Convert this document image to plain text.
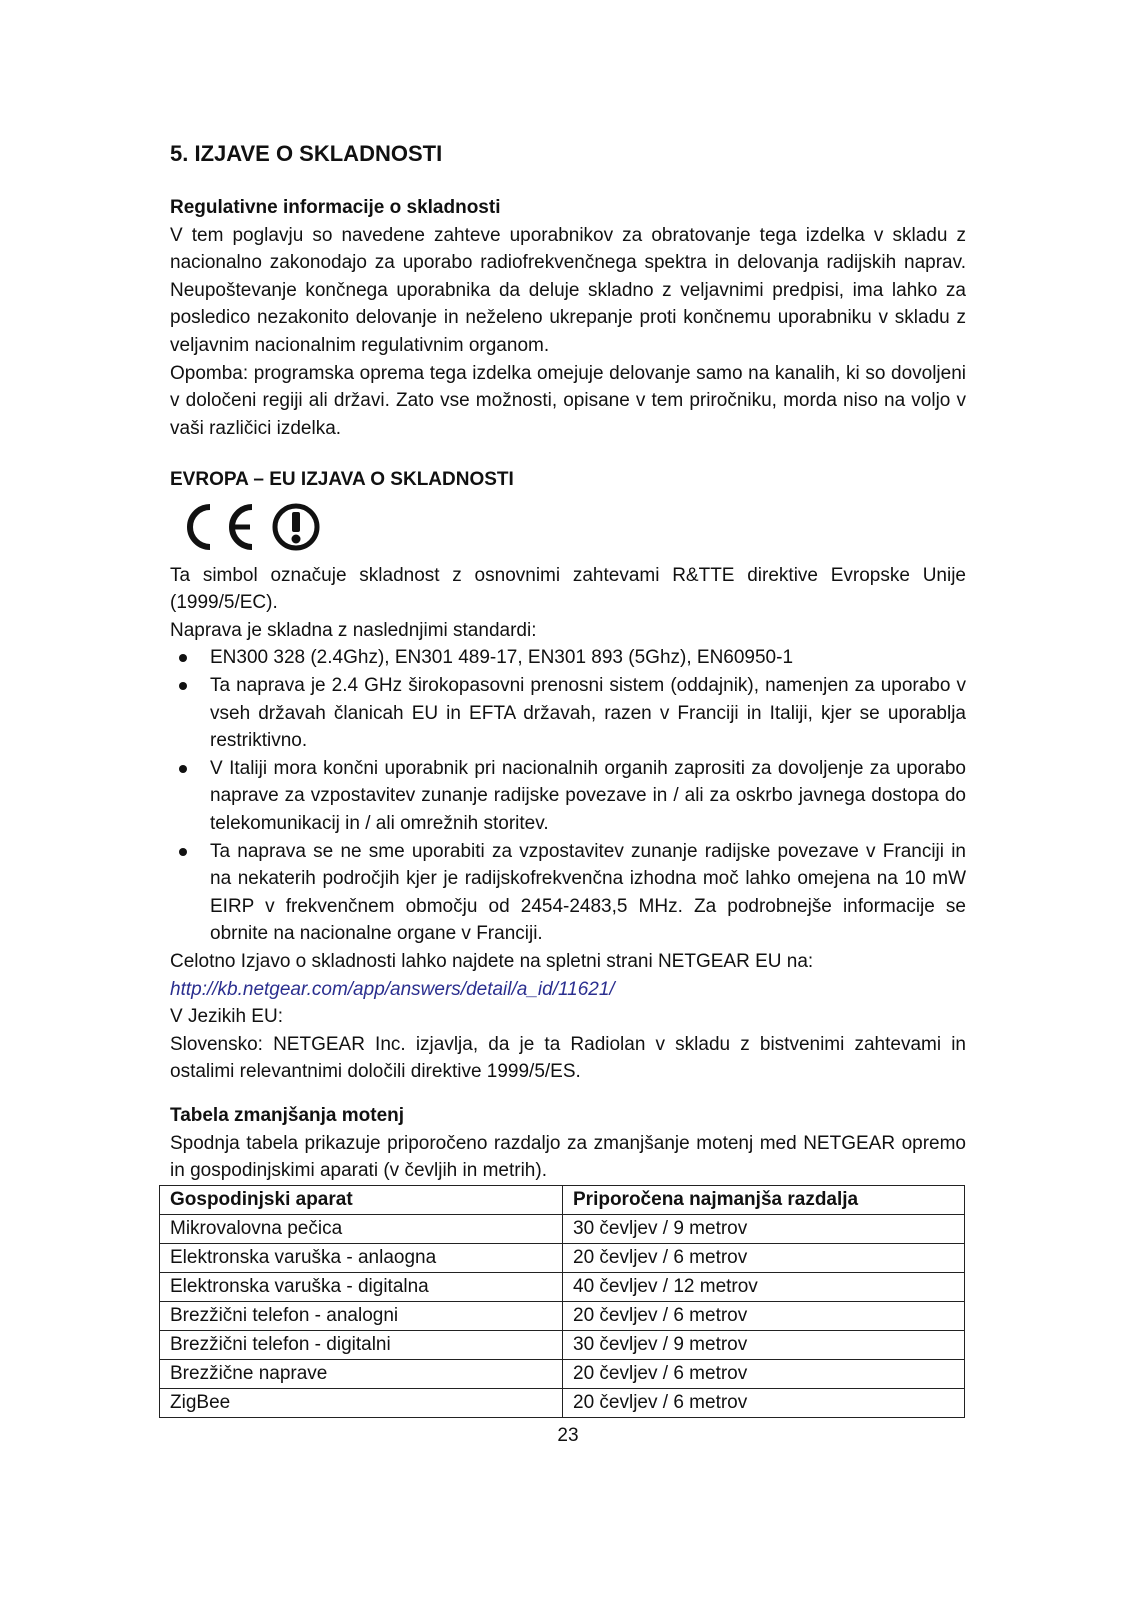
5. IZJAVE O SKLADNOSTI

Regulativne informacije o skladnosti

V tem poglavju so navedene zahteve uporabnikov za obratovanje tega izdelka v skladu z nacionalno zakonodajo za uporabo radiofrekvenčnega spektra in delovanja radijskih naprav. Neupoštevanje končnega uporabnika da deluje skladno z veljavnimi predpisi, ima lahko za posledico nezakonito delovanje in neželeno ukrepanje proti končnemu uporabniku v skladu z veljavnim nacionalnim regulativnim organom.

Opomba: programska oprema tega izdelka omejuje delovanje samo na kanalih, ki so dovoljeni v določeni regiji ali državi. Zato vse možnosti, opisane v tem priročniku, morda niso na voljo v vaši različici izdelka.

EVROPA – EU IZJAVA O SKLADNOSTI

Ta simbol označuje skladnost z osnovnimi zahtevami R&TTE direktive Evropske Unije (1999/5/EC).

Naprava je skladna z naslednjimi standardi:

EN300 328 (2.4Ghz), EN301 489-17, EN301 893 (5Ghz), EN60950-1
Ta naprava je 2.4 GHz širokopasovni prenosni sistem (oddajnik), namenjen za uporabo v vseh državah članicah EU in EFTA državah, razen v Franciji in Italiji, kjer se uporablja restriktivno.
V Italiji mora končni uporabnik pri nacionalnih organih zaprositi za dovoljenje za uporabo naprave za vzpostavitev zunanje radijske povezave in / ali za oskrbo javnega dostopa do telekomunikacij in / ali omrežnih storitev.
Ta naprava se ne sme uporabiti za vzpostavitev zunanje radijske povezave v Franciji in na nekaterih področjih kjer je radijskofrekvenčna izhodna moč lahko omejena na 10 mW EIRP v frekvenčnem območju od 2454-2483,5 MHz. Za podrobnejše informacije se obrnite na nacionalne organe v Franciji.

Celotno Izjavo o skladnosti lahko najdete na spletni strani NETGEAR EU na:

http://kb.netgear.com/app/answers/detail/a_id/11621/

V Jezikih EU:

Slovensko: NETGEAR Inc. izjavlja, da je ta Radiolan v skladu z bistvenimi zahtevami in ostalimi relevantnimi določili direktive 1999/5/ES.

Tabela zmanjšanja motenj

Spodnja tabela prikazuje priporočeno razdaljo za zmanjšanje motenj med NETGEAR opremo in gospodinjskimi aparati (v čevljih in metrih).

Gospodinjski aparat	Priporočena najmanjša razdalja
Mikrovalovna pečica	30 čevljev / 9 metrov
Elektronska varuška - anlaogna	20 čevljev / 6 metrov
Elektronska varuška - digitalna	40 čevljev / 12 metrov
Brezžični telefon - analogni	20 čevljev / 6 metrov
Brezžični telefon - digitalni	30 čevljev / 9 metrov
Brezžične naprave	20 čevljev / 6 metrov
ZigBee	20 čevljev / 6 metrov
23
